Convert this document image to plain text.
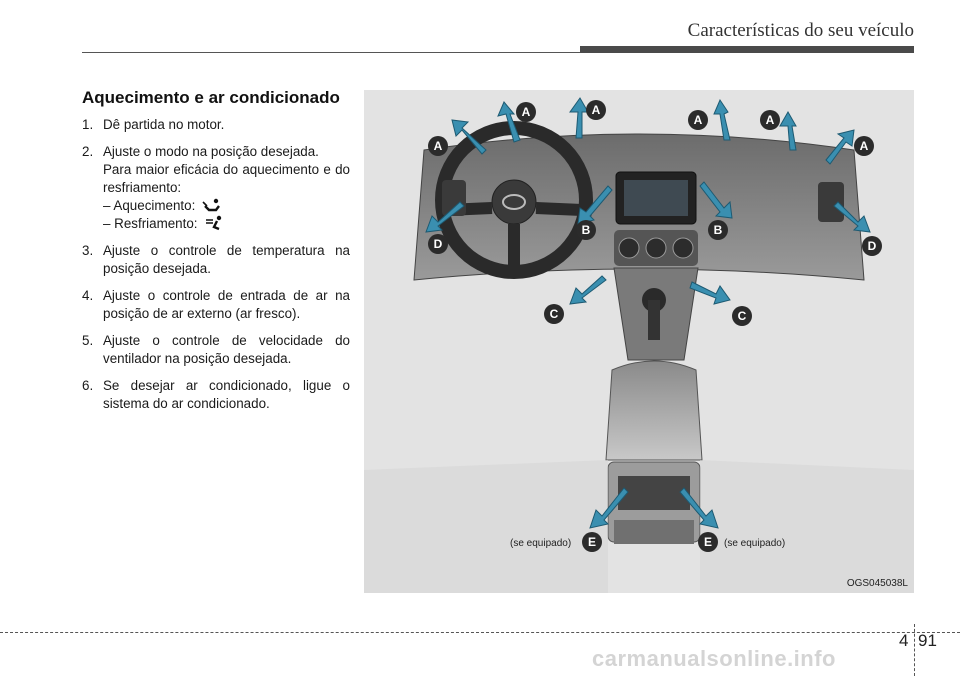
Características do seu veículo
Aquecimento e ar condicionado
1. Dê partida no motor.
2. Ajuste o modo na posição desejada.
Para maior eficácia do aquecimento e do resfriamento:
– Aquecimento:
– Resfriamento:
3. Ajuste o controle de temperatura na posição desejada.
4. Ajuste o controle de entrada de ar na posição de ar externo (ar fresco).
5. Ajuste o controle de velocidade do ventilador na posição desejada.
6. Se desejar ar condicionado, ligue o sistema do ar condicionado.
A
A	A
A	A
A
B	B
C	C
D	D
E	E
(se equipado)	(se equipado)
OGS045038L
4 91
carmanualsonline.info
